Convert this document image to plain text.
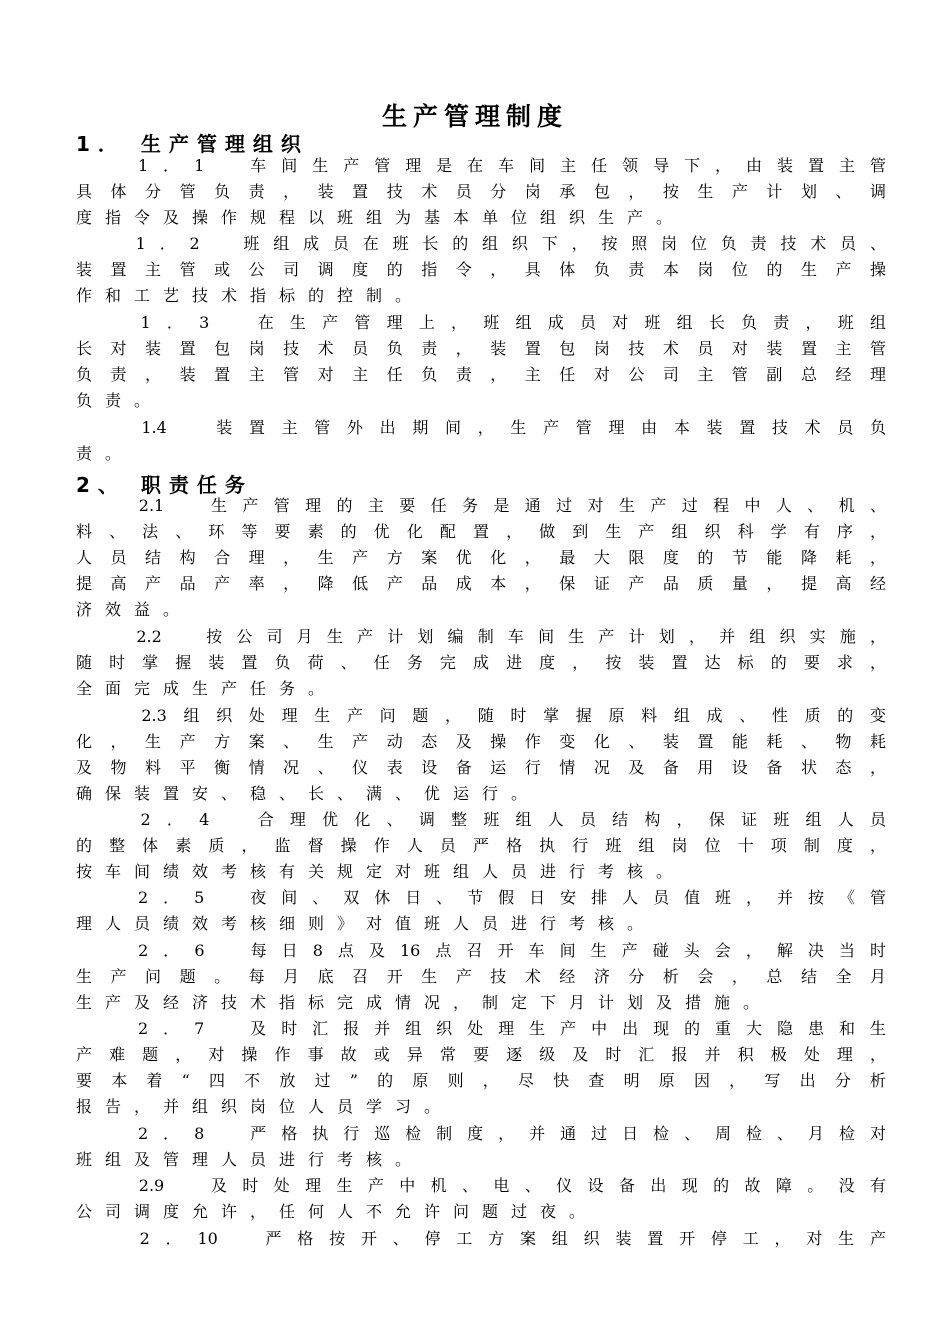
生产管理制度
1． 生产管理组织
　　1．1　车间生产管理是在车间主任领导下，由装置主管
具体分管负责，装置技术员分岗承包，按生产计划、调
度指令及操作规程以班组为基本单位组织生产。
　　1．2　班组成员在班长的组织下，按照岗位负责技术员、
装置主管或公司调度的指令，具体负责本岗位的生产操
作和工艺技术指标的控制。
　　1．3　在生产管理上，班组成员对班组长负责，班组
长对装置包岗技术员负责，装置包岗技术员对装置主管
负责，装置主管对主任负责，主任对公司主管副总经理
负责。
　　1.4　装置主管外出期间，生产管理由本装置技术员负
责。
2、 职责任务
　　2.1　生产管理的主要任务是通过对生产过程中人、机、
料、法、环等要素的优化配置，做到生产组织科学有序，
人员结构合理，生产方案优化，最大限度的节能降耗，
提高产品产率，降低产品成本，保证产品质量，提高经
济效益。
　　2.2　按公司月生产计划编制车间生产计划，并组织实施，
随时掌握装置负荷、任务完成进度，按装置达标的要求，
全面完成生产任务。
　　2.3组织处理生产问题，随时掌握原料组成、性质的变
化，生产方案、生产动态及操作变化、装置能耗、物耗
及物料平衡情况、仪表设备运行情况及备用设备状态，
确保装置安、稳、长、满、优运行。
　　2．4　合理优化、调整班组人员结构，保证班组人员
的整体素质，监督操作人员严格执行班组岗位十项制度，
按车间绩效考核有关规定对班组人员进行考核。
　　2．5　夜间、双休日、节假日安排人员值班，并按《管
理人员绩效考核细则》对值班人员进行考核。
　　2．6　每日8点及16点召开车间生产碰头会，解决当时
生产问题。每月底召开生产技术经济分析会，总结全月
生产及经济技术指标完成情况，制定下月计划及措施。
　　2．7　及时汇报并组织处理生产中出现的重大隐患和生
产难题，对操作事故或异常要逐级及时汇报并积极处理，
要本着“四不放过”的原则，尽快查明原因，写出分析
报告，并组织岗位人员学习。
　　2．8　严格执行巡检制度，并通过日检、周检、月检对
班组及管理人员进行考核。
　　2.9　及时处理生产中机、电、仪设备出现的故障。没有
公司调度允许，任何人不允许问题过夜。
　　2．10　严格按开、停工方案组织装置开停工，对生产
